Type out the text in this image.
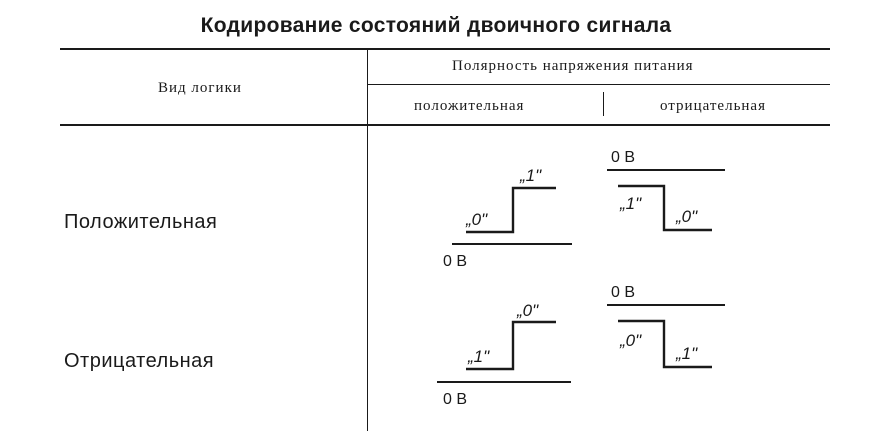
Кодирование состояний двоичного сигнала
Вид логики
Полярность напряжения питания
положительная	отрицательная
Положительная
Отрицательная
„0"
„1"
0 В
0 В
„1"
„0"
„1"
„0"
0 В
0 В
„0"
„1"
